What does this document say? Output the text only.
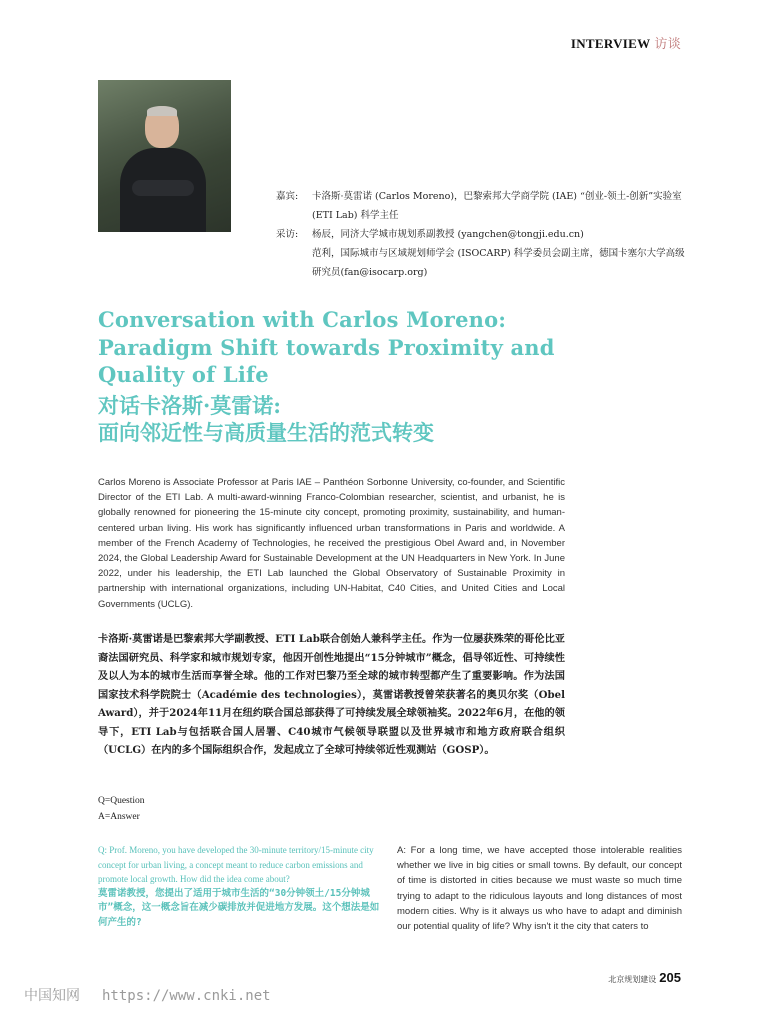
INTERVIEW 访谈
嘉宾:	卡洛斯·莫雷诺 (Carlos Moreno)，巴黎索邦大学商学院 (IAE) “创业-领土-创新”实验室
(ETI Lab) 科学主任
采访:	杨辰，同济大学城市规划系副教授 (yangchen@tongji.edu.cn)
范利，国际城市与区域规划师学会 (ISOCARP) 科学委员会副主席，德国卡塞尔大学高级
研究员(fan@isocarp.org)
Conversation with Carlos Moreno:
Paradigm Shift towards Proximity and
Quality of Life
对话卡洛斯·莫雷诺:
面向邻近性与高质量生活的范式转变
Carlos Moreno is Associate Professor at Paris IAE – Panthéon Sorbonne University, co-founder, and Scientific Director of the ETI Lab. A multi-award-winning Franco-Colombian researcher, scientist, and urbanist, he is globally renowned for pioneering the 15-minute city concept, promoting proximity, sustainability, and human-centered urban living. His work has significantly influenced urban transformations in Paris and worldwide. A member of the French Academy of Technologies, he received the prestigious Obel Award and, in November 2024, the Global Leadership Award for Sustainable Development at the UN Headquarters in New York. In June 2022, under his leadership, the ETI Lab launched the Global Observatory of Sustainable Proximity in partnership with international organizations, including UN-Habitat, C40 Cities, and United Cities and Local Governments (UCLG).
卡洛斯·莫雷诺是巴黎索邦大学副教授、ETI Lab联合创始人兼科学主任。作为一位屡获殊荣的哥伦比亚裔法国研究员、科学家和城市规划专家，他因开创性地提出“15分钟城市”概念，倡导邻近性、可持续性及以人为本的城市生活而享誉全球。他的工作对巴黎乃至全球的城市转型都产生了重要影响。作为法国国家技术科学院院士（Académie des technologies），莫雷诺教授曾荣获著名的奥贝尔奖（Obel Award），并于2024年11月在纽约联合国总部获得了可持续发展全球领袖奖。2022年6月，在他的领导下，ETI Lab与包括联合国人居署、C40城市气候领导联盟以及世界城市和地方政府联合组织（UCLG）在内的多个国际组织合作，发起成立了全球可持续邻近性观测站（GOSP）。
Q=Question
A=Answer
Q: Prof. Moreno, you have developed the 30-minute territory/15-minute city concept for urban living, a concept meant to reduce carbon emissions and promote local growth. How did the idea come about?
莫雷诺教授，您提出了适用于城市生活的“30分钟领土/15分钟城市”概念，这一概念旨在减少碳排放并促进地方发展。这个想法是如何产生的?
A: For a long time, we have accepted those intolerable realities whether we live in big cities or small towns. By default, our concept of time is distorted in cities because we must waste so much time trying to adapt to the ridiculous layouts and long distances of most modern cities. Why is it always us who have to adapt and diminish our potential quality of life? Why isn't it the city that caters to
北京规划建设 205
中国知网 https://www.cnki.net
